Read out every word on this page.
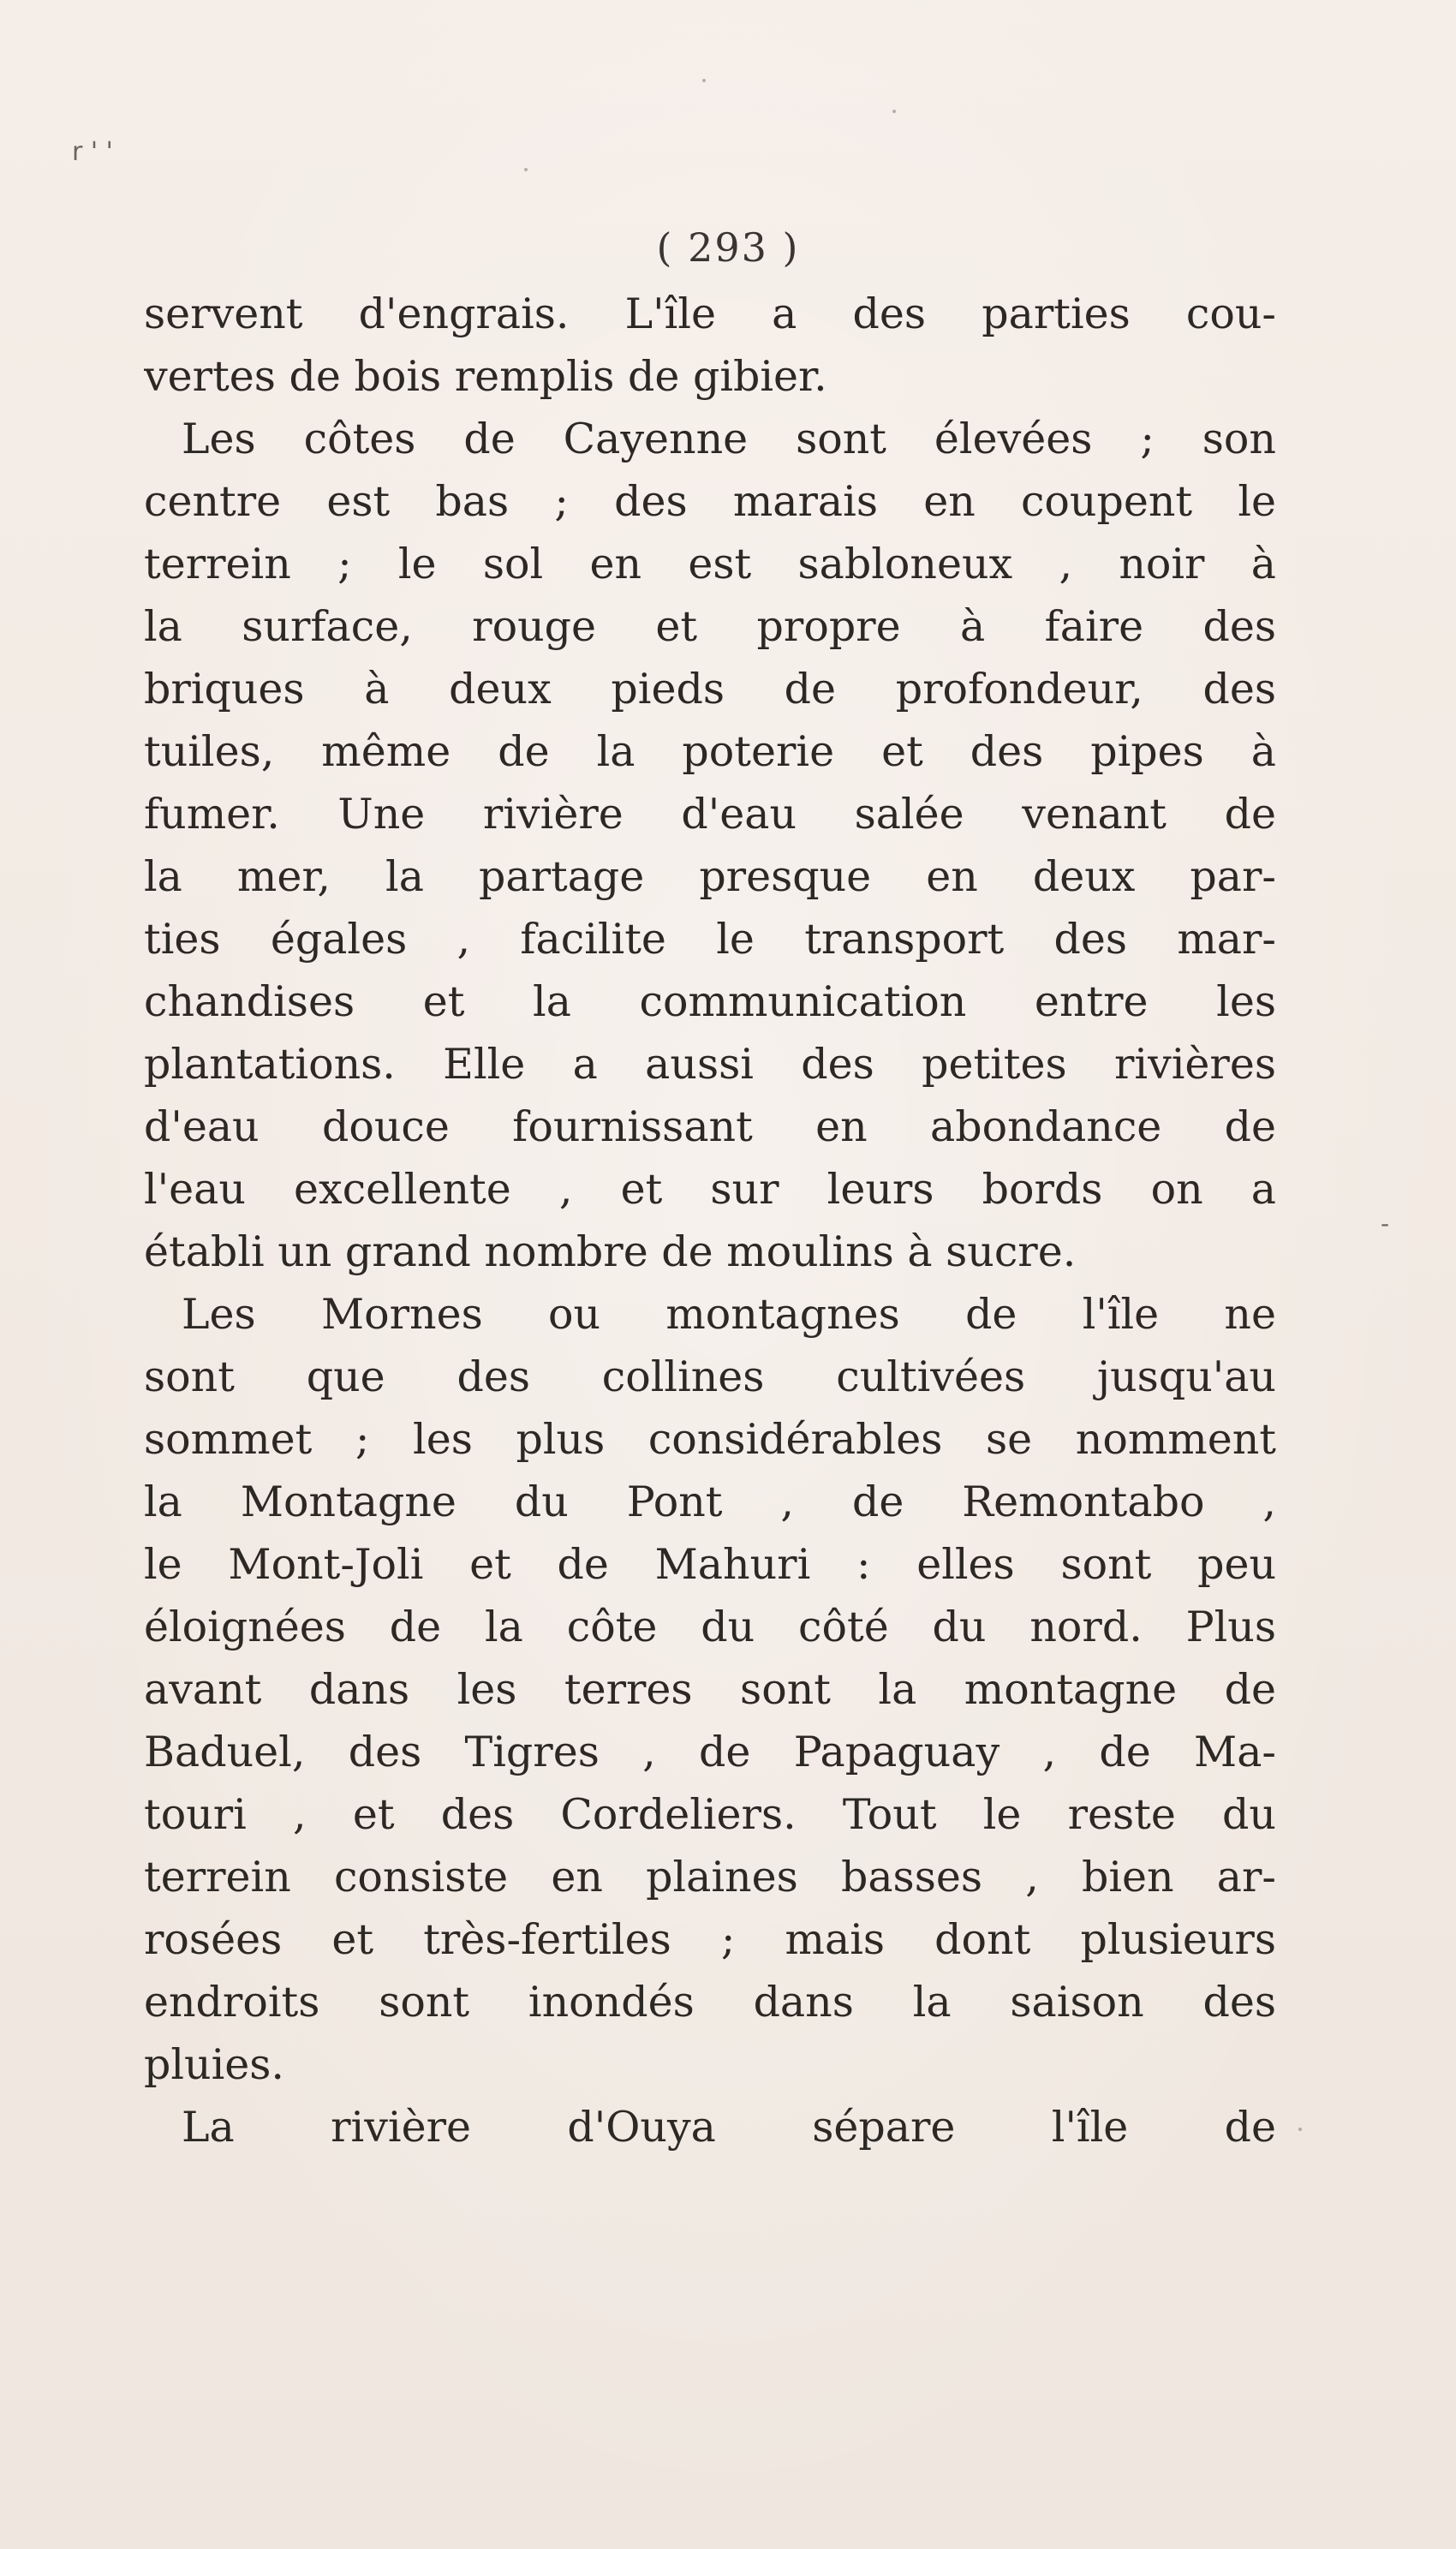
r ' '
( 293 )
servent d'engrais. L'île a des parties cou-
vertes de bois remplis de gibier.
Les côtes de Cayenne sont élevées ; son
centre est bas ; des marais en coupent le
terrein ; le sol en est sabloneux , noir à
la surface, rouge et propre à faire des
briques à deux pieds de profondeur, des
tuiles, même de la poterie et des pipes à
fumer. Une rivière d'eau salée venant de
la mer, la partage presque en deux par-
ties égales , facilite le transport des mar-
chandises et la communication entre les
plantations. Elle a aussi des petites rivières
d'eau douce fournissant en abondance de
l'eau excellente , et sur leurs bords on a
établi un grand nombre de moulins à sucre.
Les Mornes ou montagnes de l'île ne
sont que des collines cultivées jusqu'au
sommet ; les plus considérables se nomment
la Montagne du Pont , de Remontabo ,
le Mont-Joli et de Mahuri : elles sont peu
éloignées de la côte du côté du nord. Plus
avant dans les terres sont la montagne de
Baduel, des Tigres , de Papaguay , de Ma-
touri , et des Cordeliers. Tout le reste du
terrein consiste en plaines basses , bien ar-
rosées et très-fertiles ; mais dont plusieurs
endroits sont inondés dans la saison des
pluies.
La rivière d'Ouya sépare l'île de
-
